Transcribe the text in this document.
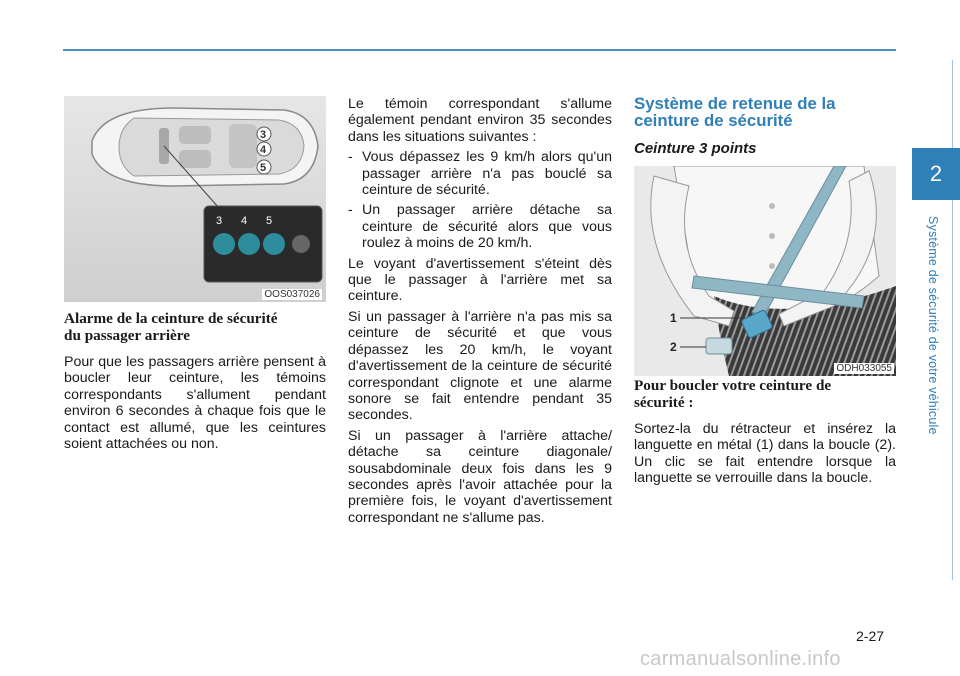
2
Système de sécurité de votre véhicule
3
4
5
3 4 5
OOS037026

Alarme de la ceinture de sécurité
du passager arrière

Pour que les passagers arrière pensent à boucler leur ceinture, les témoins correspondants s'allument pendant environ 6 secondes à chaque fois que le contact est allumé, que les ceintures soient attachées ou non.

Le témoin correspondant s'allume également pendant environ 35 secondes dans les situations suivantes :

- Vous dépassez les 9 km/h alors qu'un passager arrière n'a pas bouclé sa ceinture de sécurité.

- Un passager arrière détache sa ceinture de sécurité alors que vous roulez à moins de 20 km/h.

Le voyant d'avertissement s'éteint dès que le passager à l'arrière met sa ceinture.

Si un passager à l'arrière n'a pas mis sa ceinture de sécurité et que vous dépassez les 20 km/h, le voyant d'avertissement de la ceinture de sécurité correspondant clignote et une alarme sonore se fait entendre pendant 35 secondes.

Si un passager à l'arrière attache/ détache sa ceinture diagonale/ sousabdominale deux fois dans les 9 secondes après l'avoir attachée pour la première fois, le voyant d'avertissement correspondant ne s'allume pas.

Système de retenue de la
ceinture de sécurité

Ceinture 3 points

1
2
ODH033055

Pour boucler votre ceinture de
sécurité :

Sortez-la du rétracteur et insérez la languette en métal (1) dans la boucle (2). Un clic se fait entendre lorsque la languette se verrouille dans la boucle.

2-27
carmanualsonline.info
